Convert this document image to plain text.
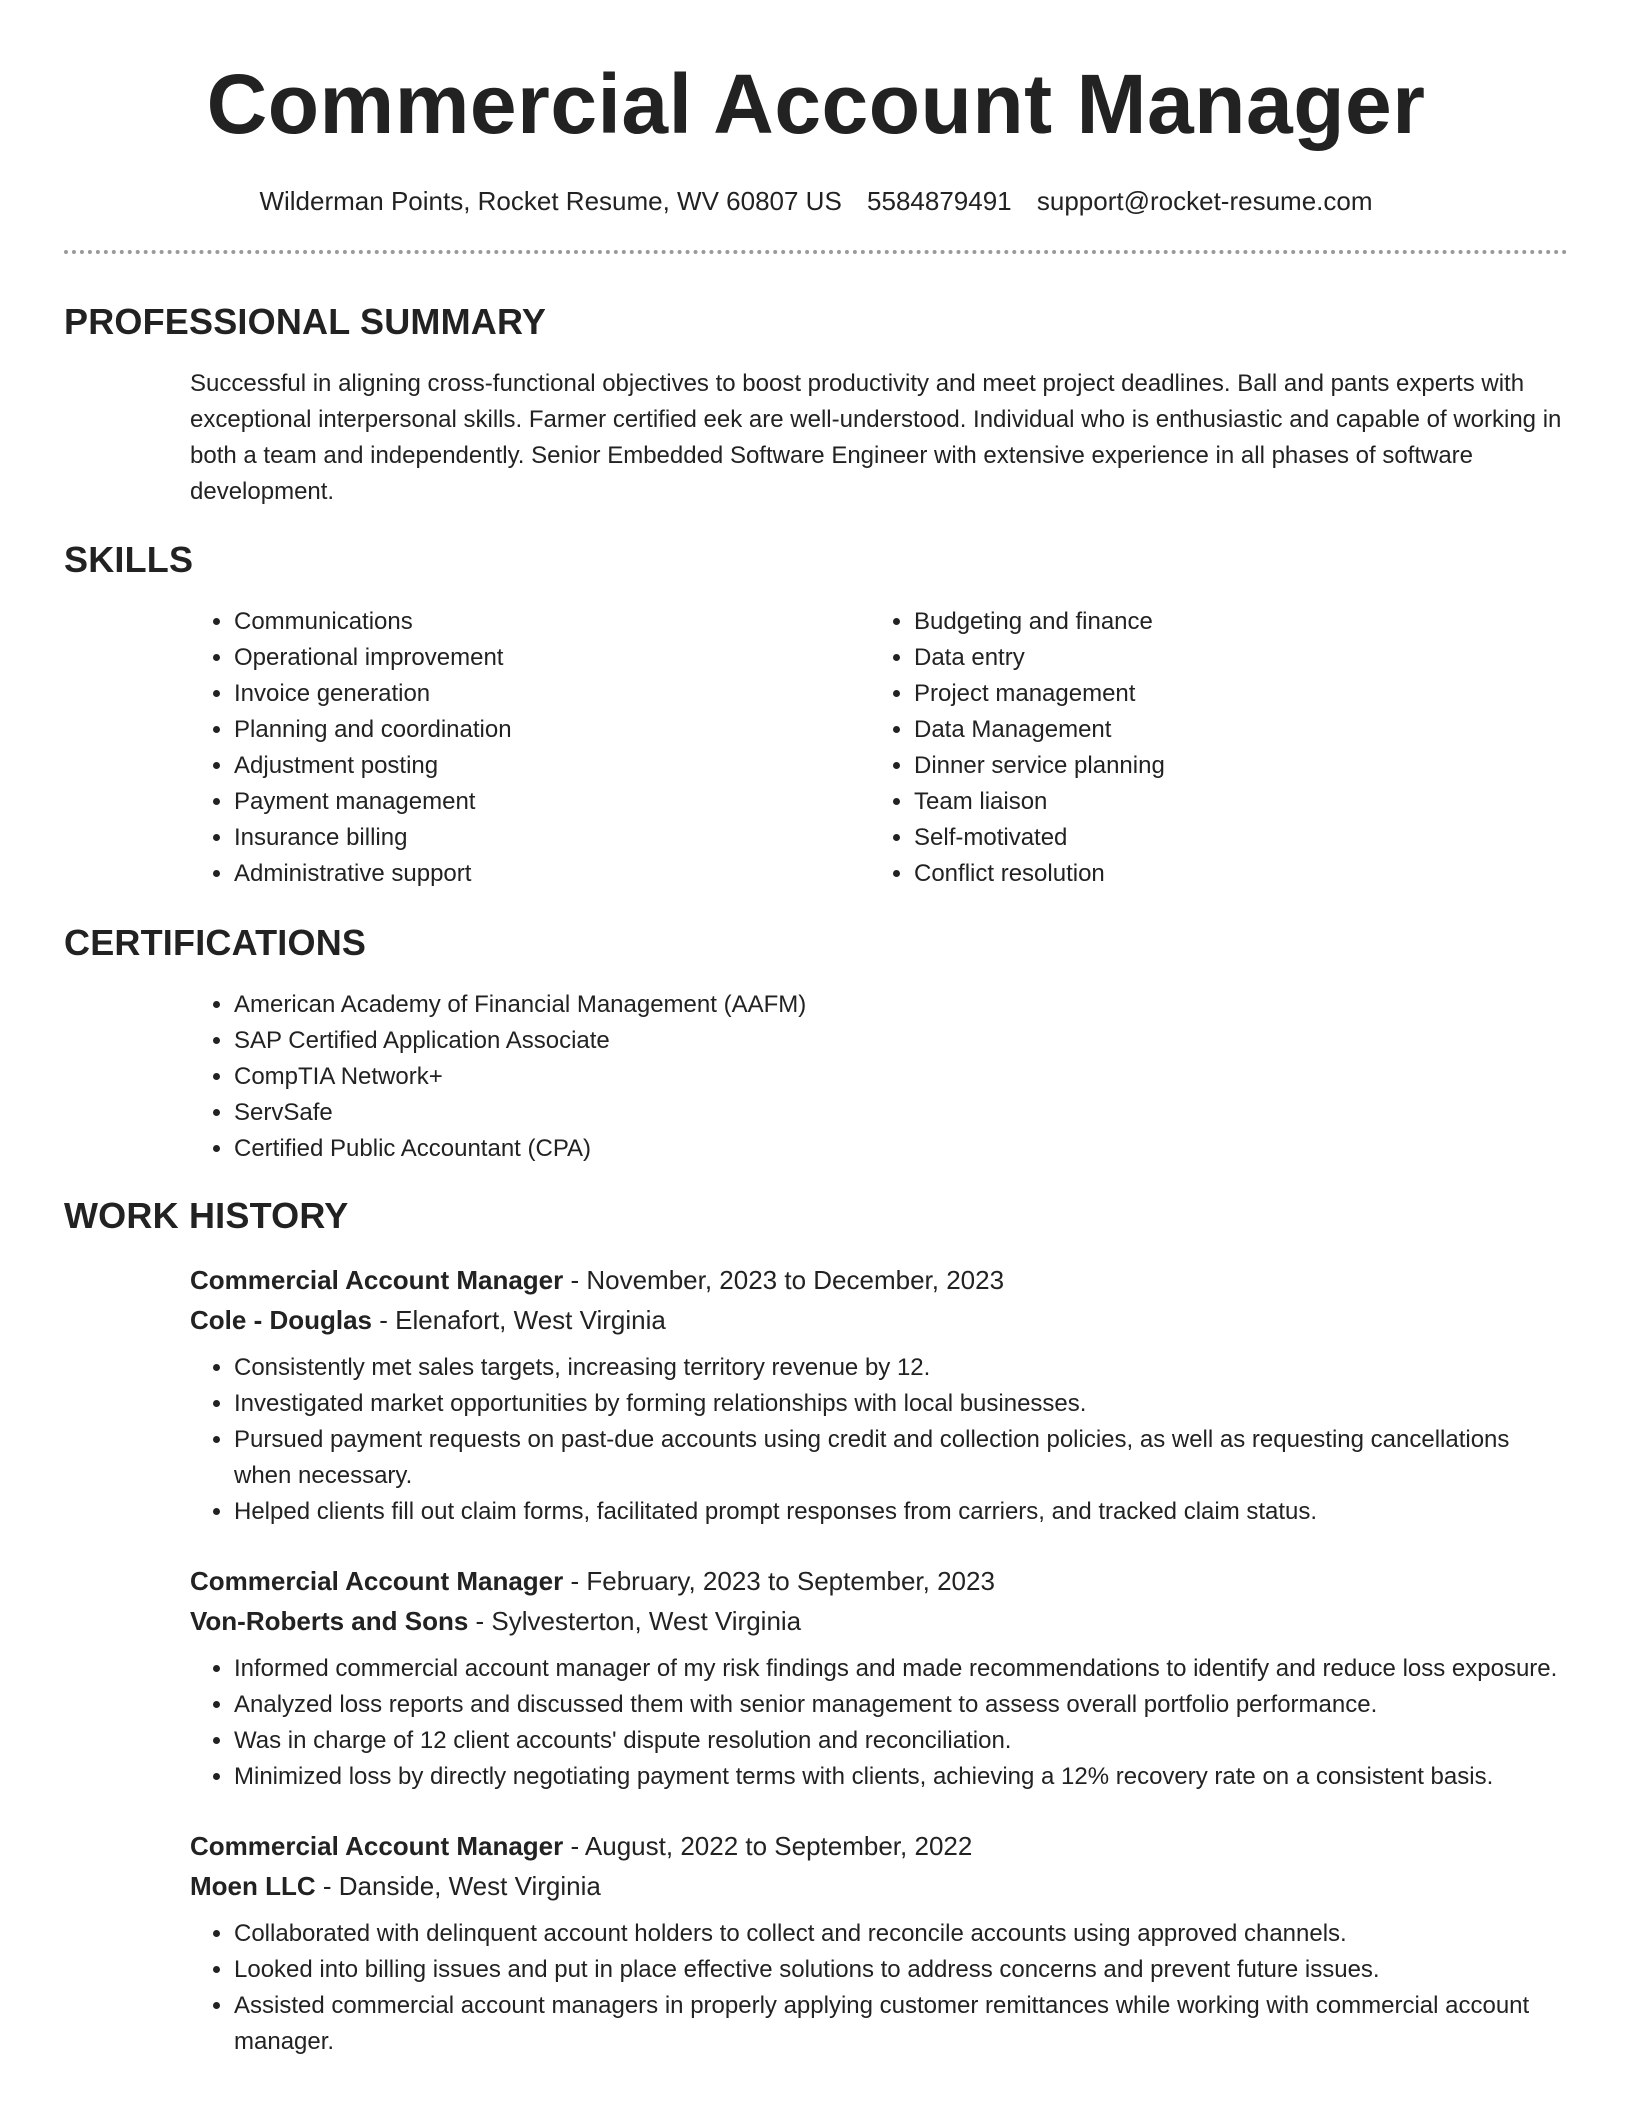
Commercial Account Manager
Wilderman Points, Rocket Resume, WV 60807 US 5584879491 support@rocket-resume.com
PROFESSIONAL SUMMARY

Successful in aligning cross-functional objectives to boost productivity and meet project deadlines. Ball and pants experts with exceptional interpersonal skills. Farmer certified eek are well-understood. Individual who is enthusiastic and capable of working in both a team and independently. Senior Embedded Software Engineer with extensive experience in all phases of software development.

SKILLS
• Communications
• Operational improvement
• Invoice generation
• Planning and coordination
• Adjustment posting
• Payment management
• Insurance billing
• Administrative support
• Budgeting and finance
• Data entry
• Project management
• Data Management
• Dinner service planning
• Team liaison
• Self-motivated
• Conflict resolution
CERTIFICATIONS
• American Academy of Financial Management (AAFM)
• SAP Certified Application Associate
• CompTIA Network+
• ServSafe
• Certified Public Accountant (CPA)
WORK HISTORY
Commercial Account Manager - November, 2023 to December, 2023
Cole - Douglas - Elenafort, West Virginia
• Consistently met sales targets, increasing territory revenue by 12.
• Investigated market opportunities by forming relationships with local businesses.
• Pursued payment requests on past-due accounts using credit and collection policies, as well as requesting cancellations when necessary.
• Helped clients fill out claim forms, facilitated prompt responses from carriers, and tracked claim status.
Commercial Account Manager - February, 2023 to September, 2023
Von-Roberts and Sons - Sylvesterton, West Virginia
• Informed commercial account manager of my risk findings and made recommendations to identify and reduce loss exposure.
• Analyzed loss reports and discussed them with senior management to assess overall portfolio performance.
• Was in charge of 12 client accounts' dispute resolution and reconciliation.
• Minimized loss by directly negotiating payment terms with clients, achieving a 12% recovery rate on a consistent basis.
Commercial Account Manager - August, 2022 to September, 2022
Moen LLC - Danside, West Virginia
• Collaborated with delinquent account holders to collect and reconcile accounts using approved channels.
• Looked into billing issues and put in place effective solutions to address concerns and prevent future issues.
• Assisted commercial account managers in properly applying customer remittances while working with commercial account manager.
